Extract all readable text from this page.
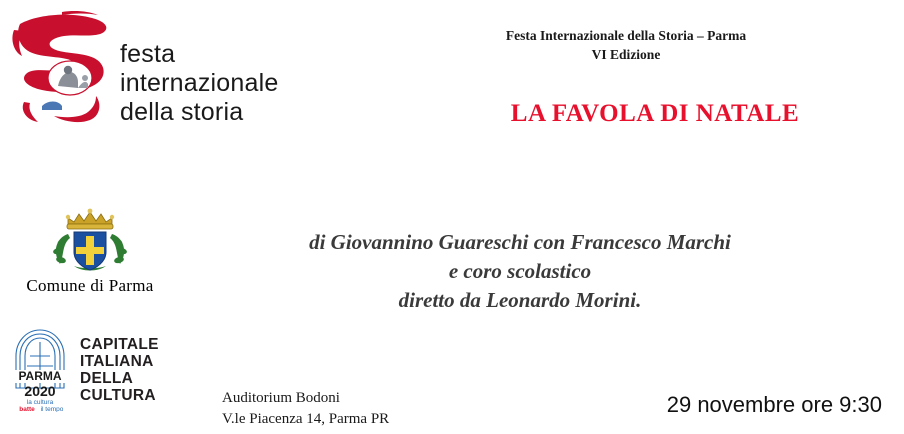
festa
internazionale
della storia
Festa Internazionale della Storia – Parma
VI Edizione
LA FAVOLA DI NATALE
Comune di Parma
PARMA
2020
la cultura
batte il tempo
CAPITALE
ITALIANA
DELLA
CULTURA
di Giovannino Guareschi con Francesco Marchi
e coro scolastico
diretto da Leonardo Morini.
Auditorium Bodoni
V.le Piacenza 14, Parma PR
29 novembre ore 9:30
